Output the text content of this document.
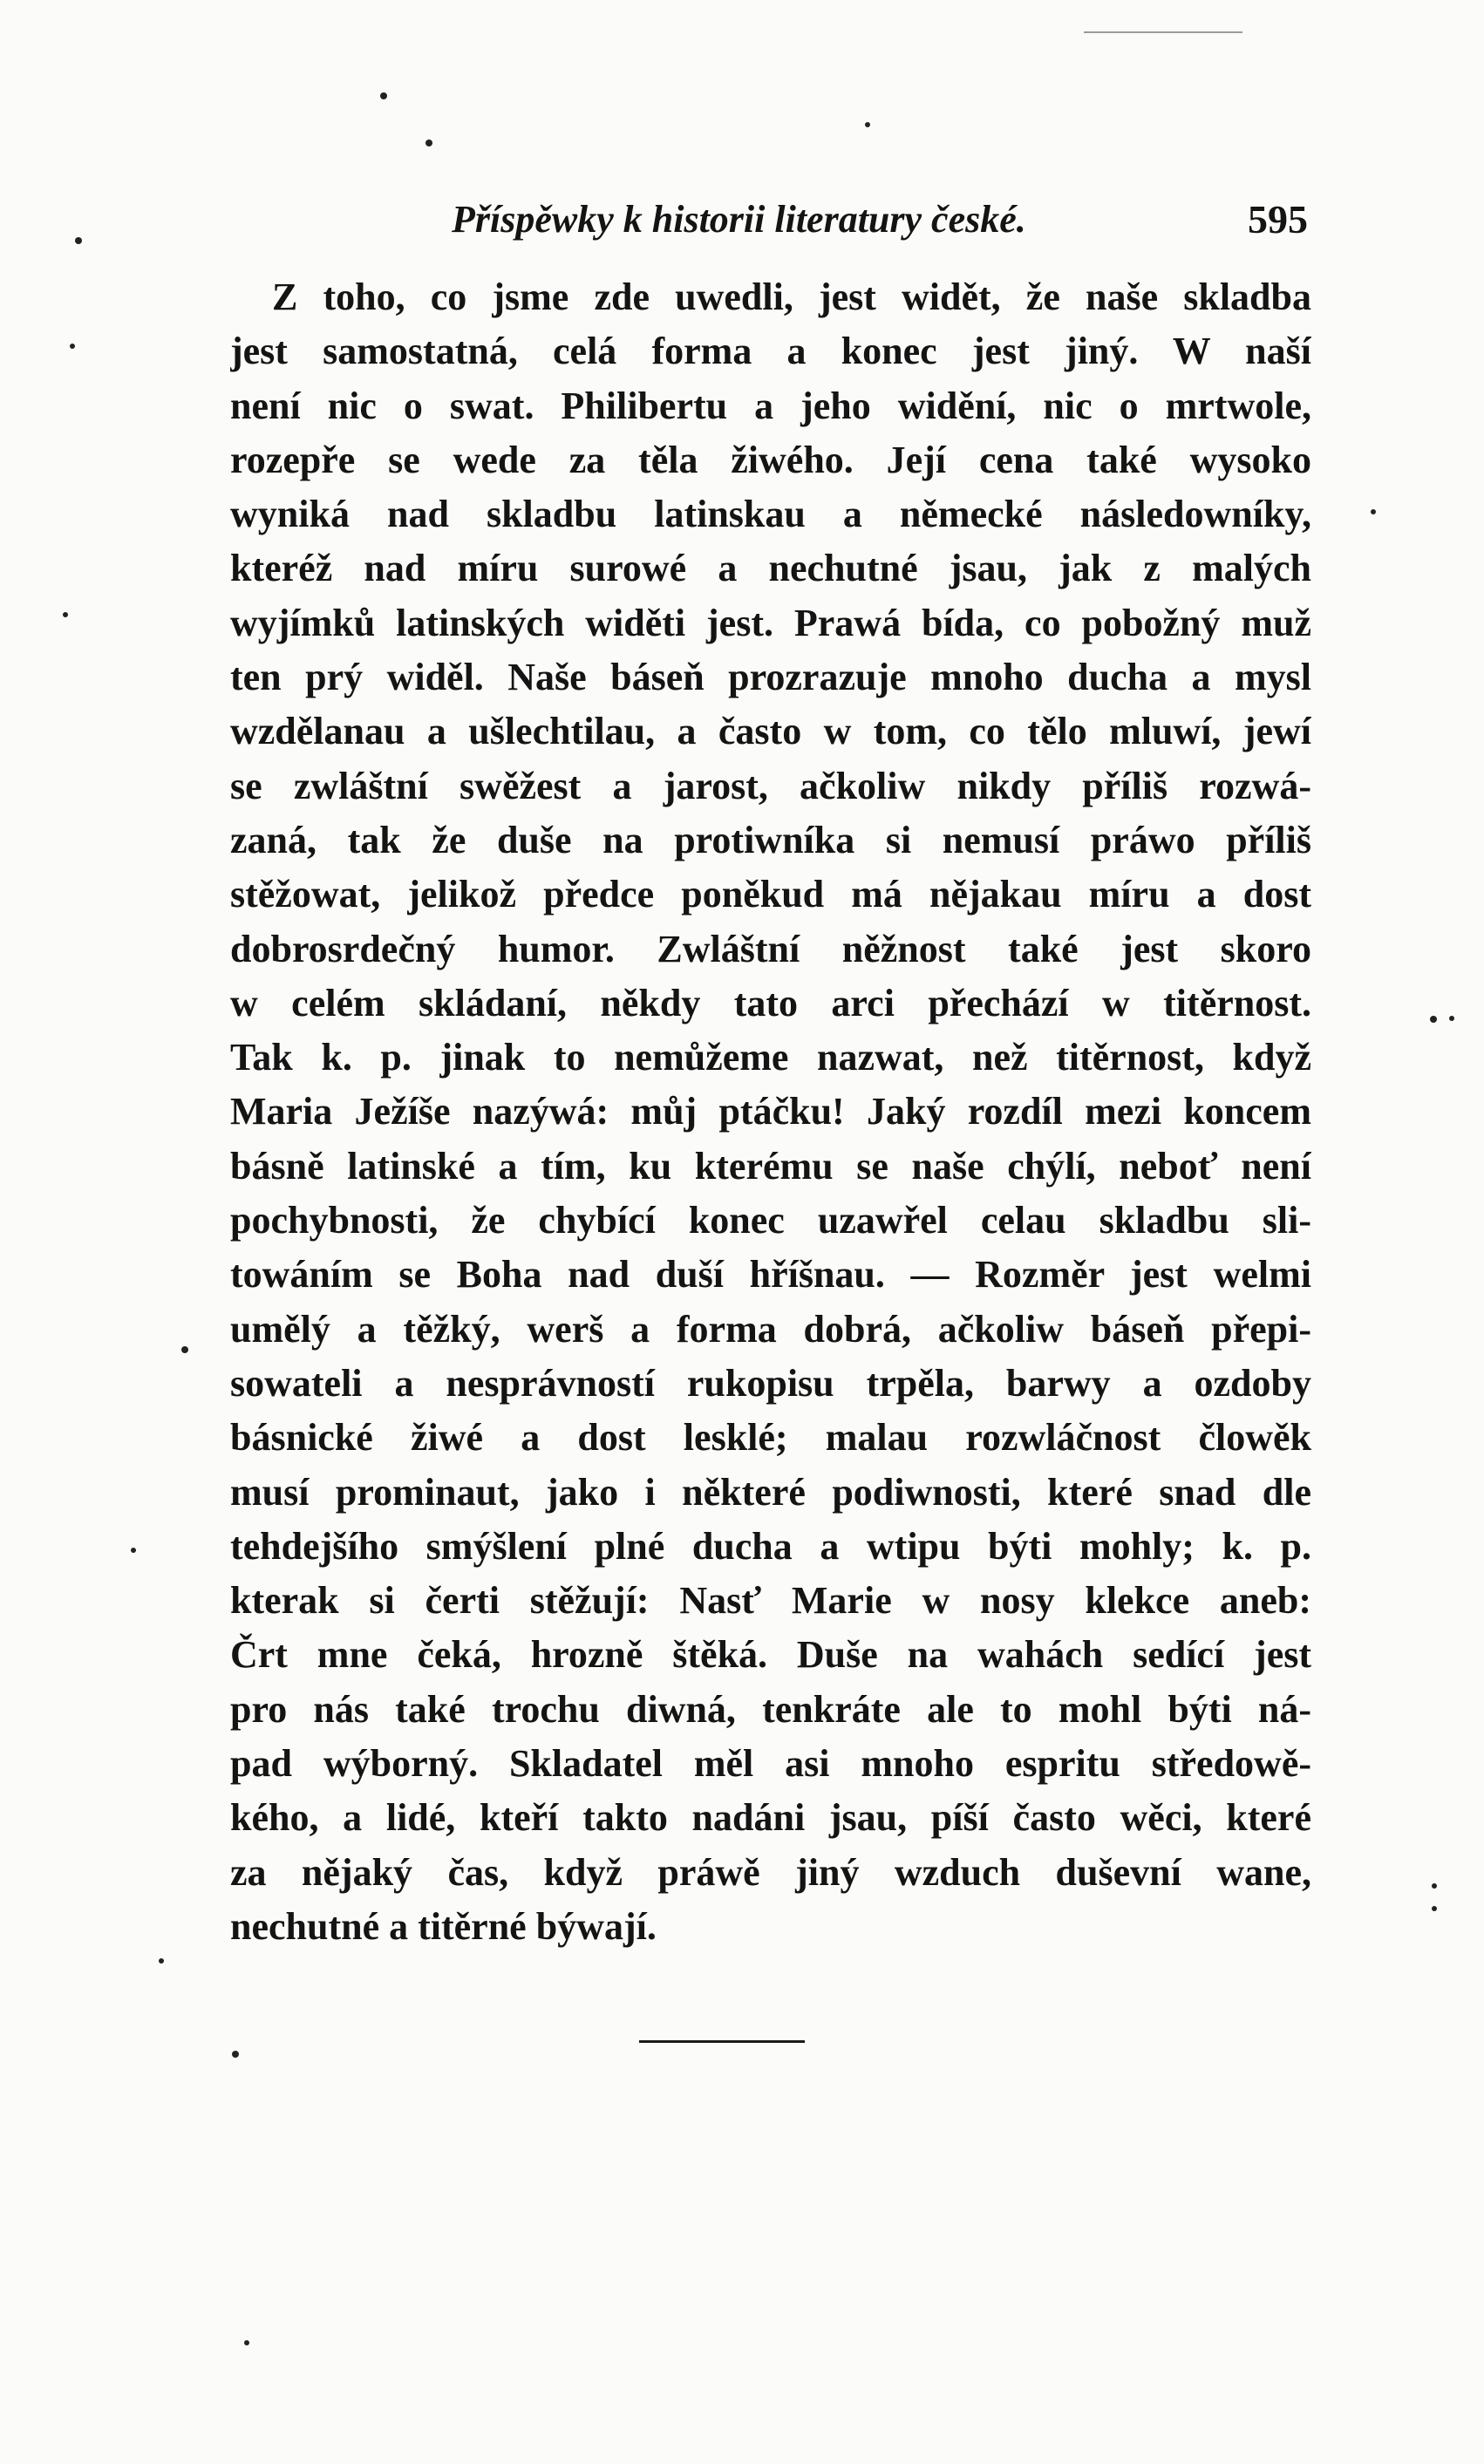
Příspěwky k historii literatury české.	595
Z toho, co jsme zde uwedli, jest widět, že naše skladba
jest samostatná, celá forma a konec jest jiný. W naší
není nic o swat. Philibertu a jeho widění, nic o mrtwole,
rozepře se wede za těla žiwého. Její cena také wysoko
wyniká nad skladbu latinskau a německé následowníky,
kteréž nad míru surowé a nechutné jsau, jak z malých
wyjímků latinských widěti jest. Prawá bída, co pobožný muž
ten prý widěl. Naše báseň prozrazuje mnoho ducha a mysl
wzdělanau a ušlechtilau, a často w tom, co tělo mluwí, jewí
se zwláštní swěžest a jarost, ačkoliw nikdy příliš rozwá-
zaná, tak že duše na protiwníka si nemusí práwo příliš
stěžowat, jelikož předce poněkud má nějakau míru a dost
dobrosrdečný humor. Zwláštní něžnost také jest skoro
w celém skládaní, někdy tato arci přechází w titěrnost.
Tak k. p. jinak to nemůžeme nazwat, než titěrnost, když
Maria Ježíše nazýwá: můj ptáčku! Jaký rozdíl mezi koncem
básně latinské a tím, ku kterému se naše chýlí, neboť není
pochybnosti, že chybící konec uzawřel celau skladbu sli-
towáním se Boha nad duší hříšnau. — Rozměr jest welmi
umělý a těžký, werš a forma dobrá, ačkoliw báseň přepi-
sowateli a nesprávností rukopisu trpěla, barwy a ozdoby
básnické žiwé a dost lesklé; malau rozwláčnost člowěk
musí prominaut, jako i některé podiwnosti, které snad dle
tehdejšího smýšlení plné ducha a wtipu býti mohly; k. p.
kterak si čerti stěžují: Nasť Marie w nosy klekce aneb:
Črt mne čeká, hrozně štěká. Duše na wahách sedící jest
pro nás také trochu diwná, tenkráte ale to mohl býti ná-
pad wýborný. Skladatel měl asi mnoho espritu středowě-
kého, a lidé, kteří takto nadáni jsau, píší často wěci, které
za nějaký čas, když práwě jiný wzduch duševní wane,
nechutné a titěrné býwají.
